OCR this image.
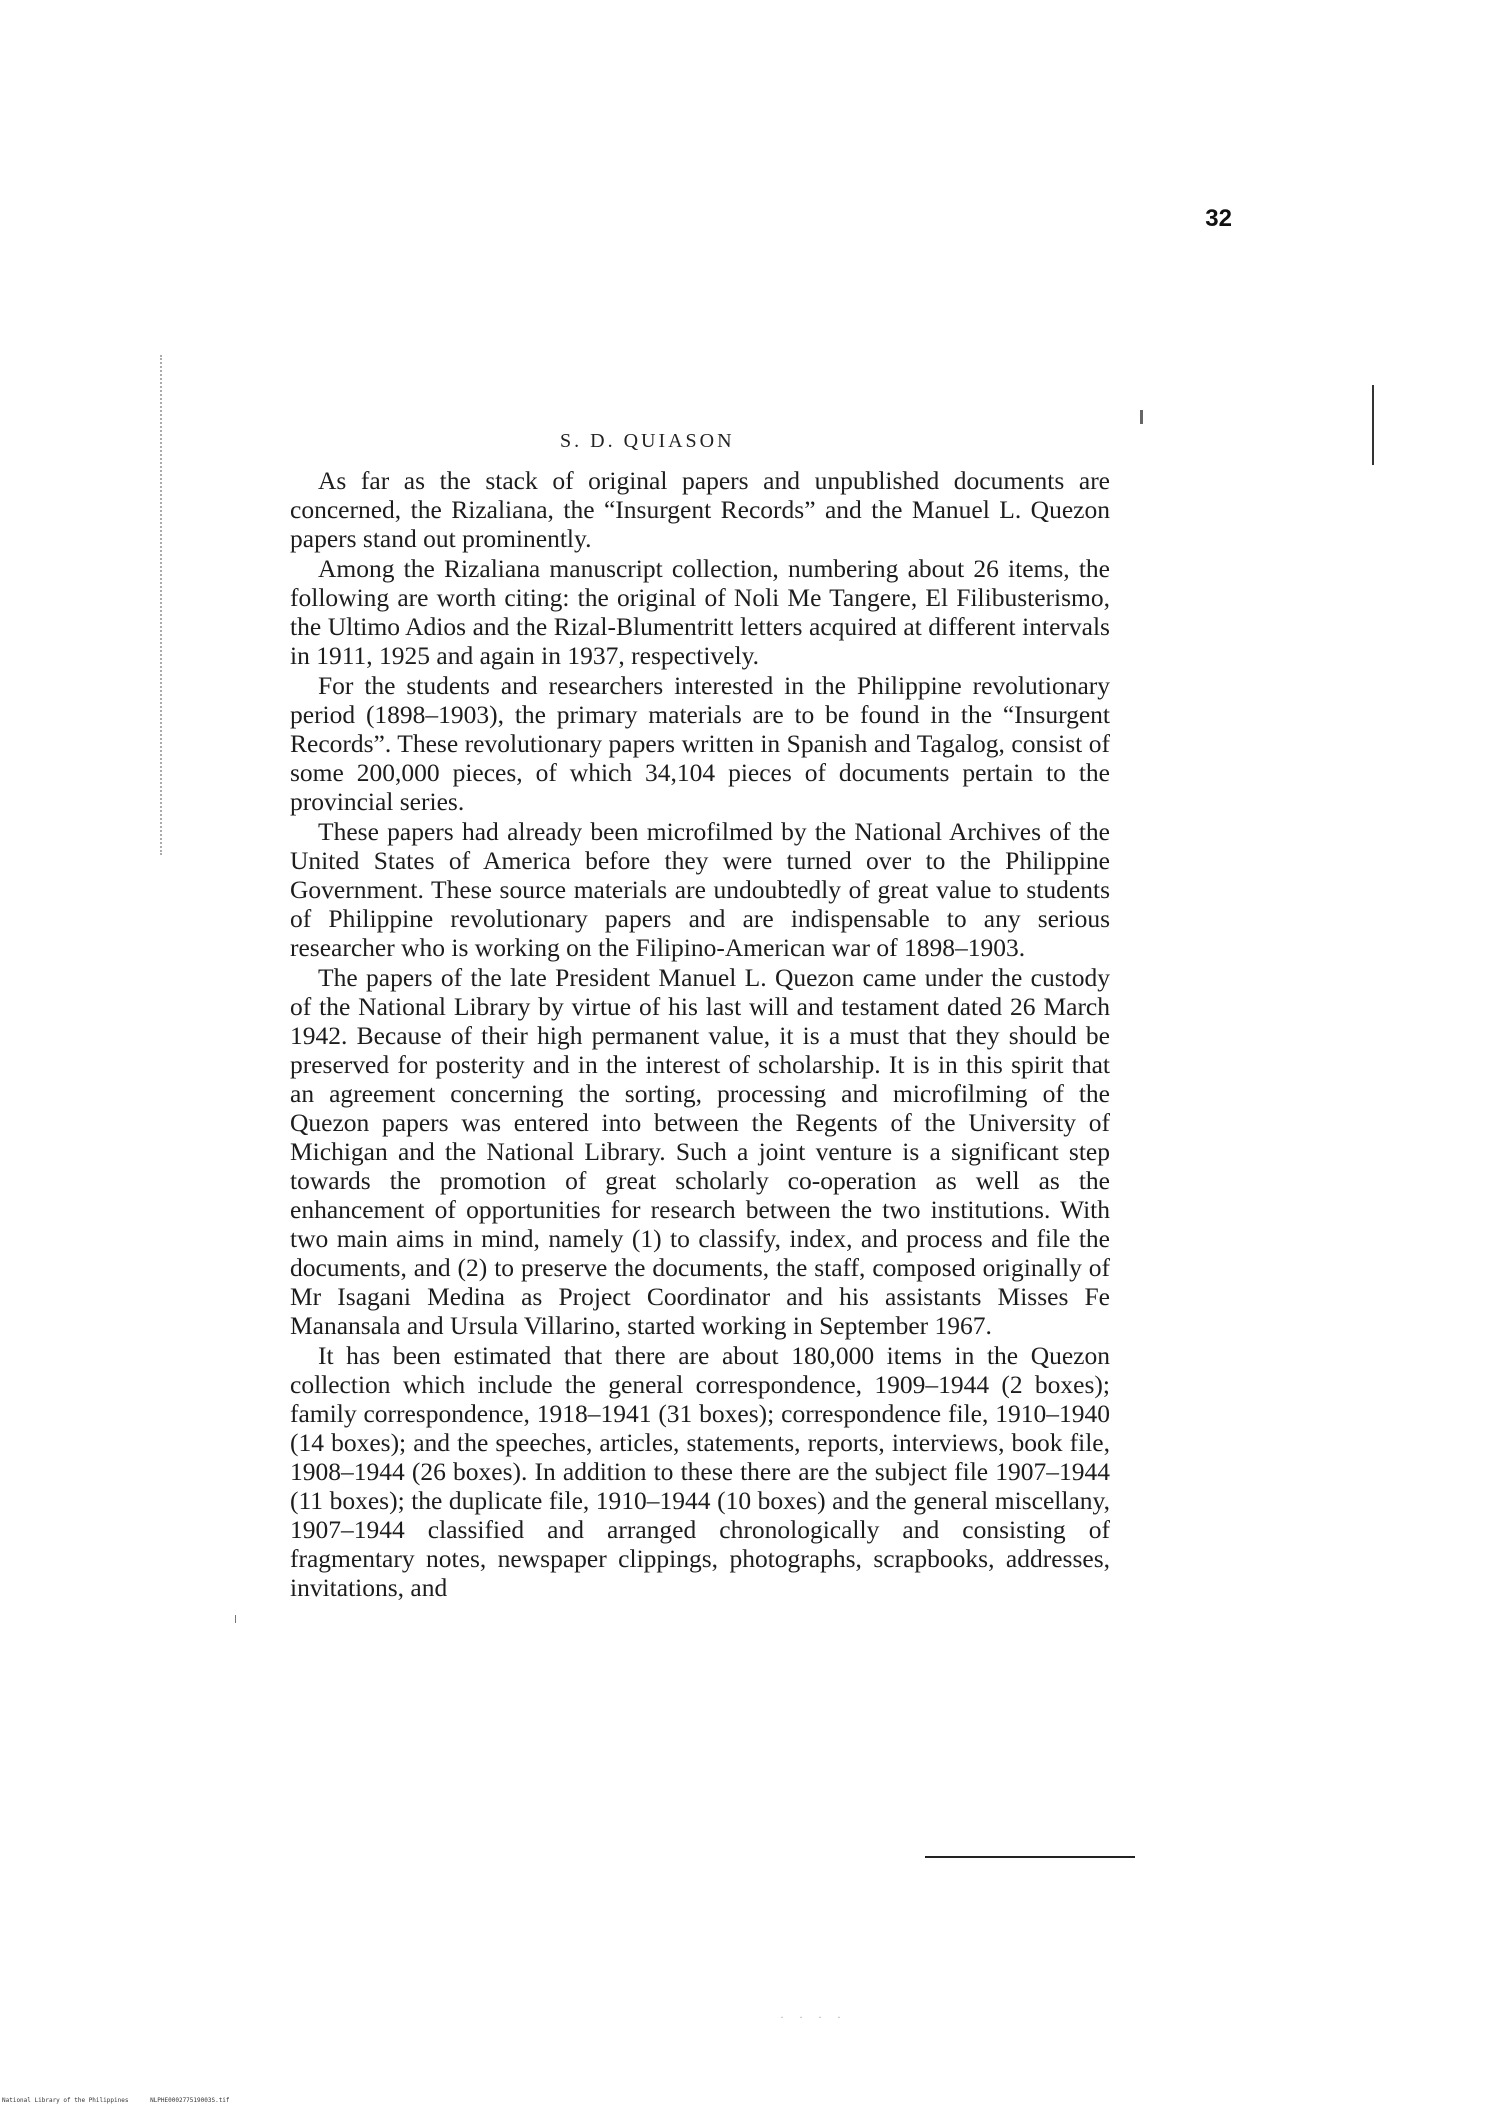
32
S. D. QUIASON

As far as the stack of original papers and unpublished documents are concerned, the Rizaliana, the “Insurgent Records” and the Manuel L. Quezon papers stand out prominently.

Among the Rizaliana manuscript collection, numbering about 26 items, the following are worth citing: the original of Noli Me Tangere, El Filibusterismo, the Ultimo Adios and the Rizal-Blumentritt letters acquired at different intervals in 1911, 1925 and again in 1937, respectively.

For the students and researchers interested in the Philippine revolutionary period (1898–1903), the primary materials are to be found in the “Insurgent Records”. These revolutionary papers written in Spanish and Tagalog, consist of some 200,000 pieces, of which 34,104 pieces of documents pertain to the provincial series.

These papers had already been microfilmed by the National Archives of the United States of America before they were turned over to the Philippine Government. These source materials are undoubtedly of great value to students of Philippine revolutionary papers and are indispensable to any serious researcher who is working on the Filipino-American war of 1898–1903.

The papers of the late President Manuel L. Quezon came under the custody of the National Library by virtue of his last will and testament dated 26 March 1942. Because of their high permanent value, it is a must that they should be preserved for posterity and in the interest of scholarship. It is in this spirit that an agreement concerning the sorting, processing and microfilming of the Quezon papers was entered into between the Regents of the University of Michigan and the National Library. Such a joint venture is a significant step towards the promotion of great scholarly co-operation as well as the enhancement of opportunities for research between the two institutions. With two main aims in mind, namely (1) to classify, index, and process and file the documents, and (2) to preserve the documents, the staff, composed originally of Mr Isagani Medina as Project Coordinator and his assistants Misses Fe Manansala and Ursula Villarino, started working in September 1967.

It has been estimated that there are about 180,000 items in the Quezon collection which include the general correspondence, 1909–1944 (2 boxes); family correspondence, 1918–1941 (31 boxes); correspondence file, 1910–1940 (14 boxes); and the speeches, articles, statements, reports, interviews, book file, 1908–1944 (26 boxes). In addition to these there are the subject file 1907–1944 (11 boxes); the duplicate file, 1910–1944 (10 boxes) and the general miscellany, 1907–1944 classified and arranged chronologically and consisting of fragmentary notes, newspaper clippings, photographs, scrapbooks, addresses, invitations, and

· · · ·
National Library of the Philippines	NLPHE000277519003S.tif
